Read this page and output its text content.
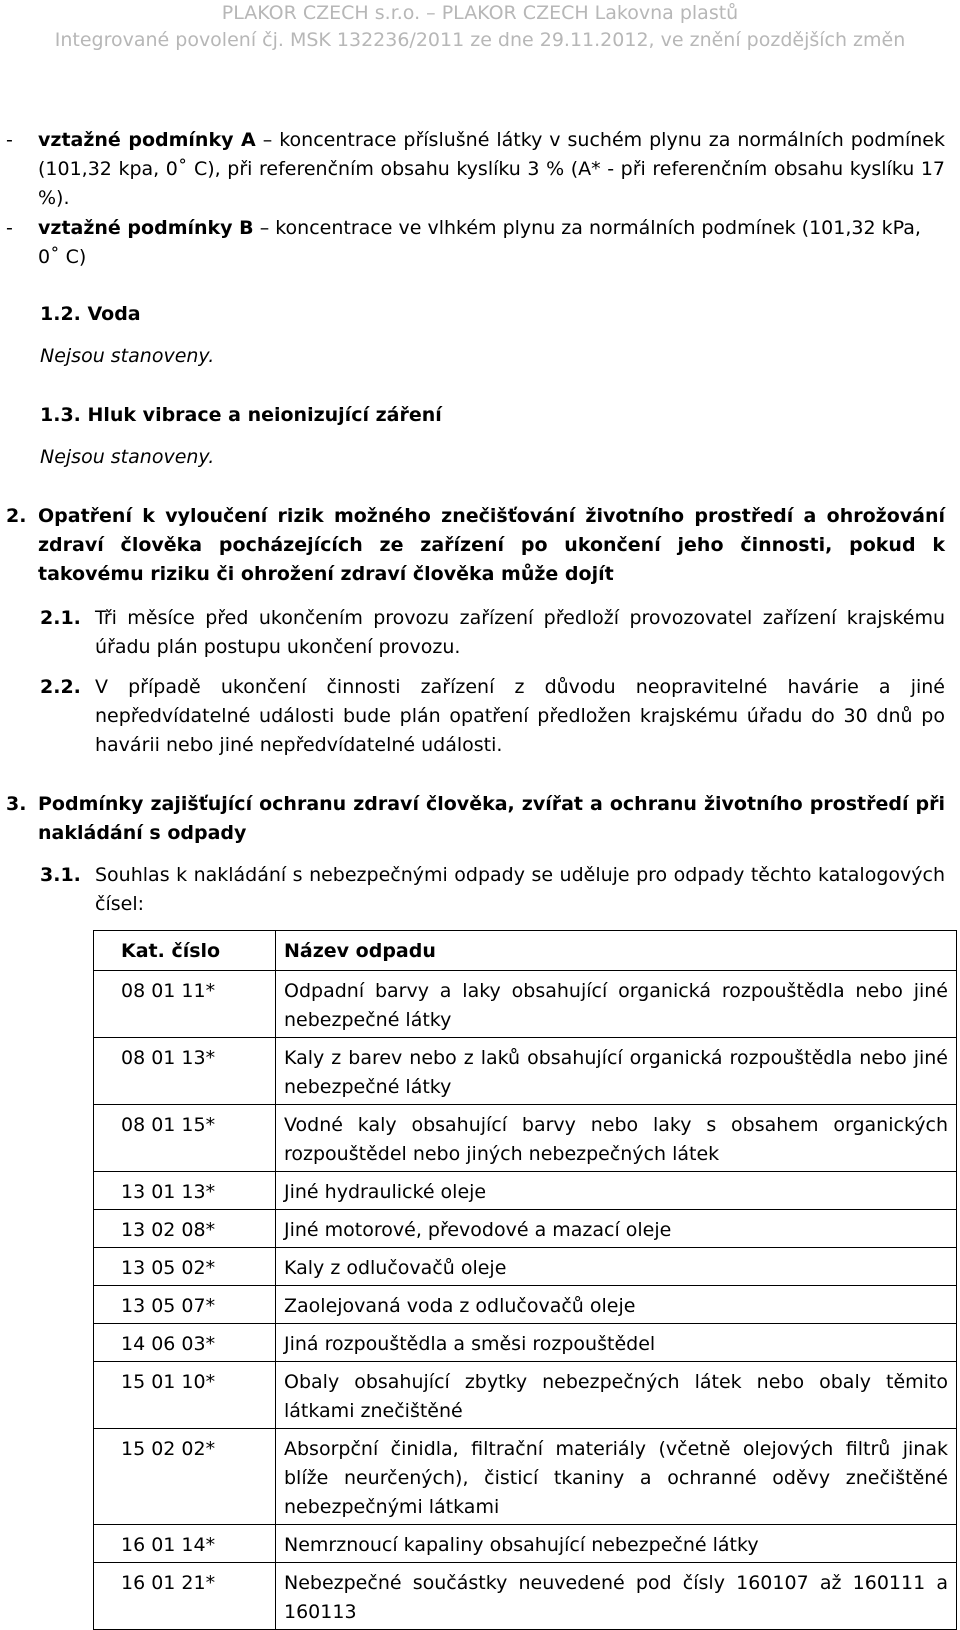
PLAKOR CZECH s.r.o. – PLAKOR CZECH Lakovna plastů
Integrované povolení čj. MSK 132236/2011 ze dne 29.11.2012, ve znění pozdějších změn
- vztažné podmínky A – koncentrace příslušné látky v suchém plynu za normálních podmínek (101,32 kpa, 0˚ C), při referenčním obsahu kyslíku 3 % (A* - při referenčním obsahu kyslíku 17 %).
- vztažné podmínky B – koncentrace ve vlhkém plynu za normálních podmínek (101,32 kPa, 0˚ C)
1.2. Voda
Nejsou stanoveny.
1.3. Hluk vibrace a neionizující záření
Nejsou stanoveny.
2. Opatření k vyloučení rizik možného znečišťování životního prostředí a ohrožování zdraví člověka pocházejících ze zařízení po ukončení jeho činnosti, pokud k takovému riziku či ohrožení zdraví člověka může dojít
2.1. Tři měsíce před ukončením provozu zařízení předloží provozovatel zařízení krajskému úřadu plán postupu ukončení provozu.
2.2. V případě ukončení činnosti zařízení z důvodu neopravitelné havárie a jiné nepředvídatelné události bude plán opatření předložen krajskému úřadu do 30 dnů po havárii nebo jiné nepředvídatelné události.
3. Podmínky zajišťující ochranu zdraví člověka, zvířat a ochranu životního prostředí při nakládání s odpady
3.1. Souhlas k nakládání s nebezpečnými odpady se uděluje pro odpady těchto katalogových čísel:
Kat. číslo	Název odpadu
08 01 11*	Odpadní barvy a laky obsahující organická rozpouštědla nebo jiné nebezpečné látky
08 01 13*	Kaly z barev nebo z laků obsahující organická rozpouštědla nebo jiné nebezpečné látky
08 01 15*	Vodné kaly obsahující barvy nebo laky s obsahem organických rozpouštědel nebo jiných nebezpečných látek
13 01 13*	Jiné hydraulické oleje
13 02 08*	Jiné motorové, převodové a mazací oleje
13 05 02*	Kaly z odlučovačů oleje
13 05 07*	Zaolejovaná voda z odlučovačů oleje
14 06 03*	Jiná rozpouštědla a směsi rozpouštědel
15 01 10*	Obaly obsahující zbytky nebezpečných látek nebo obaly těmito látkami znečištěné
15 02 02*	Absorpční činidla, filtrační materiály (včetně olejových filtrů jinak blíže neurčených), čisticí tkaniny a ochranné oděvy znečištěné nebezpečnými látkami
16 01 14*	Nemrznoucí kapaliny obsahující nebezpečné látky
16 01 21*	Nebezpečné součástky neuvedené pod čísly 160107 až 160111 a 160113
